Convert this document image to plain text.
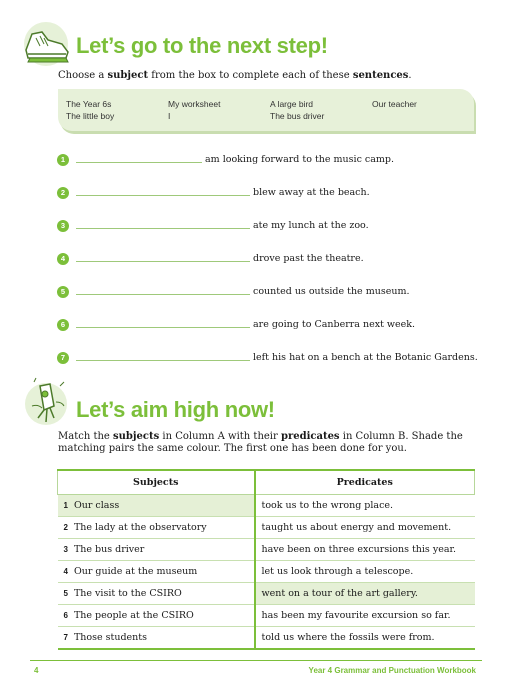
Let’s go to the next step!
Choose a subject from the box to complete each of these sentences.
The Year 6s	My worksheet	A large bird	Our teacher
The little boy	I	The bus driver
1	am looking forward to the music camp.
2	blew away at the beach.
3	ate my lunch at the zoo.
4	drove past the theatre.
5	counted us outside the museum.
6	are going to Canberra next week.
7	left his hat on a bench at the Botanic Gardens.
Let’s aim high now!
Match the subjects in Column A with their predicates in Column B. Shade the
matching pairs the same colour. The first one has been done for you.
Subjects	Predicates
1 Our class	took us to the wrong place.
2 The lady at the observatory	taught us about energy and movement.
3 The bus driver	have been on three excursions this year.
4 Our guide at the museum	let us look through a telescope.
5 The visit to the CSIRO	went on a tour of the art gallery.
6 The people at the CSIRO	has been my favourite excursion so far.
7 Those students	told us where the fossils were from.
4	Year 4 Grammar and Punctuation Workbook
